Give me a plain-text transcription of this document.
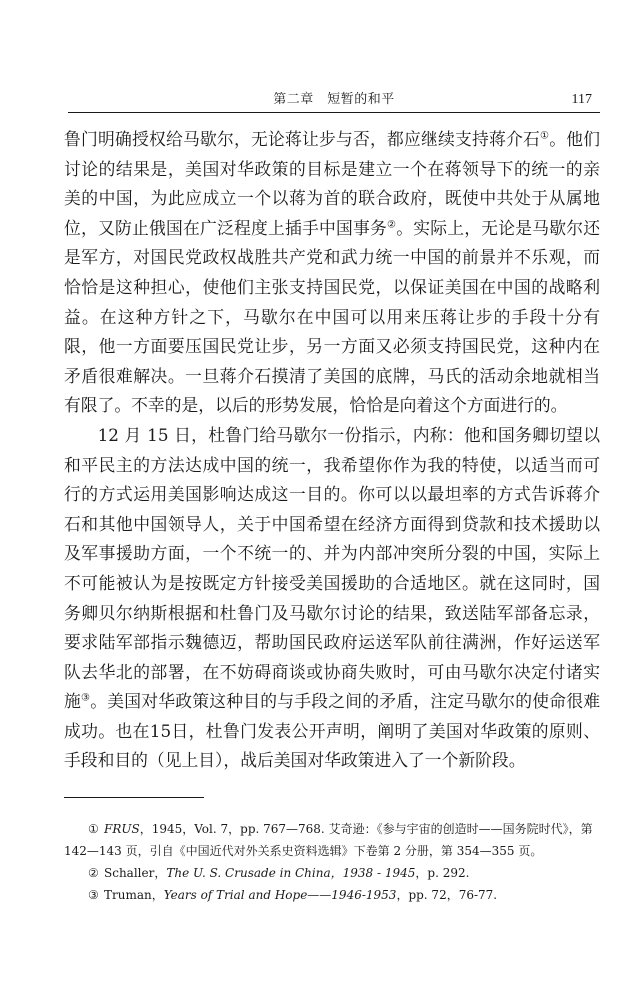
第二章　短暂的和平	117

鲁门明确授权给马歇尔，无论蒋让步与否，都应继续支持蒋介石①。他们讨论的结果是，美国对华政策的目标是建立一个在蒋领导下的统一的亲美的中国，为此应成立一个以蒋为首的联合政府，既使中共处于从属地位，又防止俄国在广泛程度上插手中国事务②。实际上，无论是马歇尔还是军方，对国民党政权战胜共产党和武力统一中国的前景并不乐观，而恰恰是这种担心，使他们主张支持国民党，以保证美国在中国的战略利益。在这种方针之下，马歇尔在中国可以用来压蒋让步的手段十分有限，他一方面要压国民党让步，另一方面又必须支持国民党，这种内在矛盾很难解决。一旦蒋介石摸清了美国的底牌，马氏的活动余地就相当有限了。不幸的是，以后的形势发展，恰恰是向着这个方面进行的。

12 月 15 日，杜鲁门给马歇尔一份指示，内称：他和国务卿切望以和平民主的方法达成中国的统一，我希望你作为我的特使，以适当而可行的方式运用美国影响达成这一目的。你可以以最坦率的方式告诉蒋介石和其他中国领导人，关于中国希望在经济方面得到贷款和技术援助以及军事援助方面，一个不统一的、并为内部冲突所分裂的中国，实际上不可能被认为是按既定方针接受美国援助的合适地区。就在这同时，国务卿贝尔纳斯根据和杜鲁门及马歇尔讨论的结果，致送陆军部备忘录，要求陆军部指示魏德迈，帮助国民政府运送军队前往满洲，作好运送军队去华北的部署，在不妨碍商谈或协商失败时，可由马歇尔决定付诸实施③。美国对华政策这种目的与手段之间的矛盾，注定马歇尔的使命很难成功。也在15日，杜鲁门发表公开声明，阐明了美国对华政策的原则、手段和目的（见上目），战后美国对华政策进入了一个新阶段。

① FRUS，1945，Vol. 7，pp. 767—768. 艾奇逊：《参与宇宙的创造时——国务院时代》，第 142—143 页，引自《中国近代对外关系史资料选辑》下卷第 2 分册，第 354—355 页。

② Schaller，The U. S. Crusade in China，1938 - 1945，p. 292.

③ Truman，Years of Trial and Hope——1946-1953，pp. 72，76-77.
